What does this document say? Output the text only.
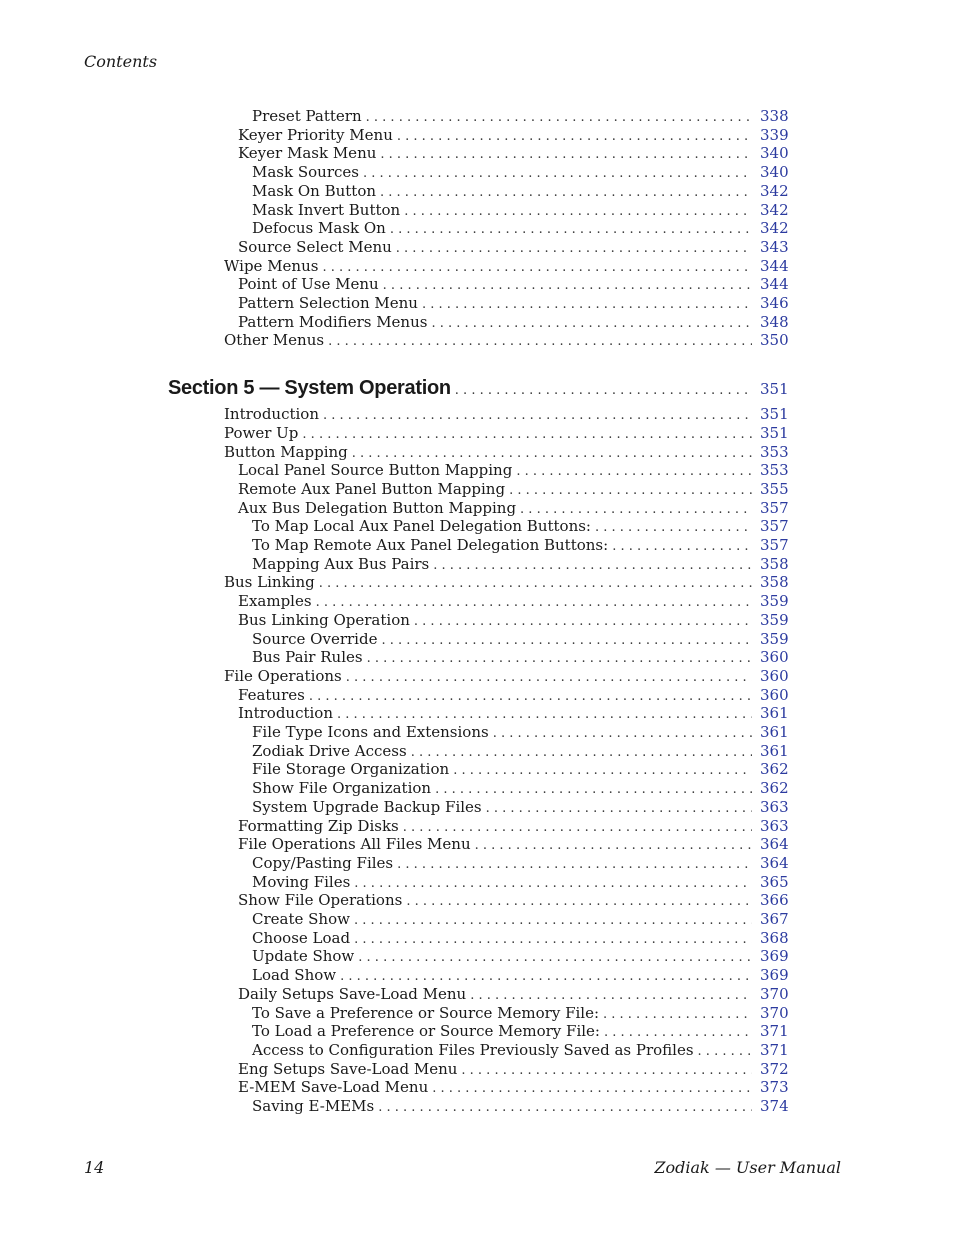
Contents
Preset Pattern . . .	338
Keyer Priority Menu . . .	339
Keyer Mask Menu . . .	340
Mask Sources . . .	340
Mask On Button . . .	342
Mask Invert Button . . .	342
Defocus Mask On . . .	342
Source Select Menu . . .	343
Wipe Menus . . .	344
Point of Use Menu . . .	344
Pattern Selection Menu . . .	346
Pattern Modifiers Menus . . .	348
Other Menus . . .	350
Section 5 — System Operation . . .	351
Introduction . . .	351
Power Up . . .	351
Button Mapping . . .	353
Local Panel Source Button Mapping . . .	353
Remote Aux Panel Button Mapping . . .	355
Aux Bus Delegation Button Mapping . . .	357
To Map Local Aux Panel Delegation Buttons: . . .	357
To Map Remote Aux Panel Delegation Buttons: . . .	357
Mapping Aux Bus Pairs . . .	358
Bus Linking . . .	358
Examples . . .	359
Bus Linking Operation . . .	359
Source Override . . .	359
Bus Pair Rules . . .	360
File Operations . . .	360
Features . . .	360
Introduction . . .	361
File Type Icons and Extensions . . .	361
Zodiak Drive Access . . .	361
File Storage Organization . . .	362
Show File Organization . . .	362
System Upgrade Backup Files . . .	363
Formatting Zip Disks . . .	363
File Operations All Files Menu . . .	364
Copy/Pasting Files . . .	364
Moving Files . . .	365
Show File Operations . . .	366
Create Show . . .	367
Choose Load . . .	368
Update Show . . .	369
Load Show . . .	369
Daily Setups Save-Load Menu . . .	370
To Save a Preference or Source Memory File: . . .	370
To Load a Preference or Source Memory File: . . .	371
Access to Configuration Files Previously Saved as Profiles . . .	371
Eng Setups Save-Load Menu . . .	372
E-MEM Save-Load Menu . . .	373
Saving E-MEMs . . .	374
14	Zodiak — User Manual
